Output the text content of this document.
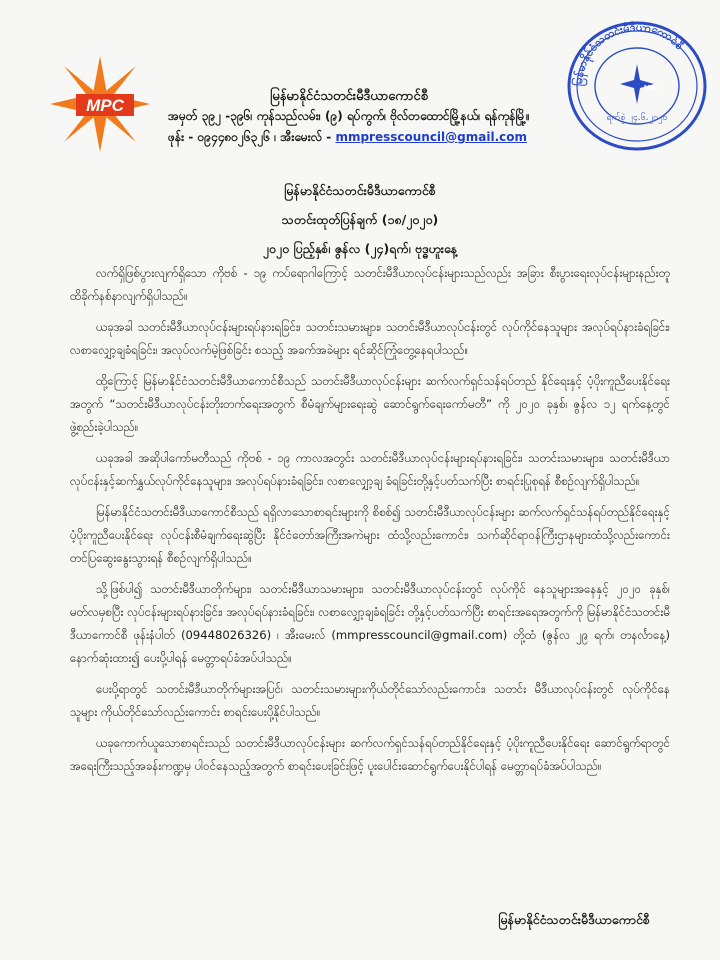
MPC	မြန်မာနိုင်ငံသတင်းမီဒီယာကောင်စီ
အမှတ် ၃၉၂ -၃၉၆၊ ကုန်သည်လမ်း၊ (၉) ရပ်ကွက်၊ ဗိုလ်တထောင်မြို့နယ်၊ ရန်ကုန်မြို့။
ဖုန်း - ၀၉၄၄၈၀၂၆၃၂၆ ၊ အီးမေးလ် - mmpresscouncil@gmail.com
မြန်မာနိုင်ငံသတင်းမီဒီယာကောင်စီ
MPC
ရက်စွဲ ၂၄.၆.၂၀၂၀
မြန်မာနိုင်ငံသတင်းမီဒီယာကောင်စီ
သတင်းထုတ်ပြန်ချက် (၁၈/၂၀၂၀)
၂၀၂၀ ပြည့်နှစ်၊ ဇွန်လ (၂၄)ရက်၊ ဗုဒ္ဓဟူးနေ့

လက်ရှိဖြစ်ပွားလျက်ရှိသော ကိုဗစ် - ၁၉ ကပ်ရောဂါကြောင့် သတင်းမီဒီယာလုပ်ငန်းများသည်လည်း အခြား စီးပွားရေးလုပ်ငန်းများနည်းတူ ထိခိုက်နစ်နာလျက်ရှိပါသည်။

ယခုအခါ သတင်းမီဒီယာလုပ်ငန်းများရပ်နားရခြင်း၊ သတင်းသမားများ၊ သတင်းမီဒီယာလုပ်ငန်းတွင် လုပ်ကိုင်နေသူများ အလုပ်ရပ်နားခံရခြင်း၊ လစာလျှော့ချခံရခြင်း၊ အလုပ်လက်မဲ့ဖြစ်ခြင်း စသည့် အခက်အခဲများ ရင်ဆိုင်ကြုံတွေ့နေရပါသည်။

ထို့ကြောင့် မြန်မာနိုင်ငံသတင်းမီဒီယာကောင်စီသည် သတင်းမီဒီယာလုပ်ငန်းများ ဆက်လက်ရှင်သန်ရပ်တည် နိုင်ရေးနှင့် ပံ့ပိုးကူညီပေးနိုင်ရေးအတွက် “သတင်းမီဒီယာလုပ်ငန်းတိုးတက်ရေးအတွက် စီမံချက်များရေးဆွဲ ဆောင်ရွက်ရေးကော်မတီ” ကို ၂၀၂၀ ခုနှစ်၊ ဇွန်လ ၁၂ ရက်နေ့တွင် ဖွဲ့စည်းခဲ့ပါသည်။

ယခုအခါ အဆိုပါကော်မတီသည် ကိုဗစ် - ၁၉ ကာလအတွင်း သတင်းမီဒီယာလုပ်ငန်းများရပ်နားရခြင်း၊ သတင်းသမားများ၊ သတင်းမီဒီယာလုပ်ငန်းနှင့်ဆက်နွှယ်လုပ်ကိုင်နေသူများ၊ အလုပ်ရပ်နားခံရခြင်း၊ လစာလျှော့ချ ခံရခြင်းတို့နှင့်ပတ်သက်ပြီး စာရင်းပြုစုရန် စီစဉ်လျက်ရှိပါသည်။

မြန်မာနိုင်ငံသတင်းမီဒီယာကောင်စီသည် ရရှိလာသောစာရင်းများကို စိစစ်၍ သတင်းမီဒီယာလုပ်ငန်းများ ဆက်လက်ရှင်သန်ရပ်တည်နိုင်ရေးနှင့် ပံ့ပိုးကူညီပေးနိုင်ရေး လုပ်ငန်းစီမံချက်ရေးဆွဲပြီး နိုင်ငံတော်အကြီးအကဲများ ထံသို့လည်းကောင်း၊ သက်ဆိုင်ရာဝန်ကြီးဌာနများထံသို့လည်းကောင်း တင်ပြဆွေးနွေးသွားရန် စီစဉ်လျက်ရှိပါသည်။

သို့ဖြစ်ပါ၍ သတင်းမီဒီယာတိုက်များ၊ သတင်းမီဒီယာသမားများ၊ သတင်းမီဒီယာလုပ်ငန်းတွင် လုပ်ကိုင် နေသူများအနေနှင့် ၂၀၂၀ ခုနှစ်၊ မတ်လမှစပြီး လုပ်ငန်းများရပ်နားခြင်း၊ အလုပ်ရပ်နားခံရခြင်း၊ လစာလျှော့ချခံရခြင်း တို့နှင့်ပတ်သက်ပြီး စာရင်းအရေအတွက်ကို မြန်မာနိုင်ငံသတင်းမီဒီယာကောင်စီ ဖုန်းနံပါတ် (09448026326) ၊ အီးမေးလ် (mmpresscouncil@gmail.com) တို့ထံ (ဇွန်လ ၂၉ ရက်၊ တနင်္လာနေ့) နောက်ဆုံးထား၍ ပေးပို့ပါရန် မေတ္တာရပ်ခံအပ်ပါသည်။

ပေးပို့ရာတွင် သတင်းမီဒီယာတိုက်များအပြင်၊ သတင်းသမားများကိုယ်တိုင်သော်လည်းကောင်း၊ သတင်း မီဒီယာလုပ်ငန်းတွင် လုပ်ကိုင်နေသူများ ကိုယ်တိုင်သော်လည်းကောင်း စာရင်းပေးပို့နိုင်ပါသည်။

ယခုကောက်ယူသောစာရင်းသည် သတင်းမီဒီယာလုပ်ငန်းများ ဆက်လက်ရှင်သန်ရပ်တည်နိုင်ရေးနှင့် ပံ့ပိုးကူညီပေးနိုင်ရေး ဆောင်ရွက်ရာတွင် အရေးကြီးသည့်အခန်းကဏ္ဍမှ ပါဝင်နေသည့်အတွက် စာရင်းပေးခြင်းဖြင့် ပူးပေါင်းဆောင်ရွက်ပေးနိုင်ပါရန် မေတ္တာရပ်ခံအပ်ပါသည်။

မြန်မာနိုင်ငံသတင်းမီဒီယာကောင်စီ
